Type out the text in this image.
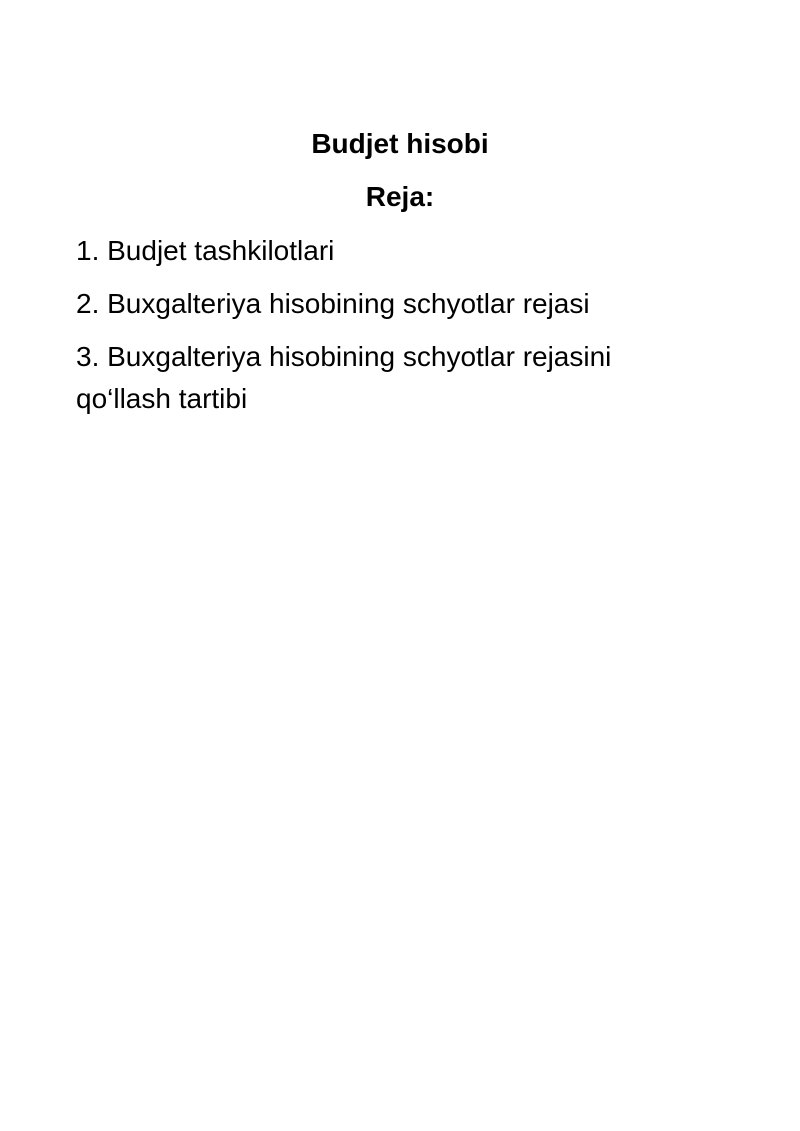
Budjet hisobi
Reja:
1. Budjet tashkilotlari
2. Buxgalteriya hisobining schyotlar rejasi
3. Buxgalteriya hisobining schyotlar rejasini qo‘llash tartibi
